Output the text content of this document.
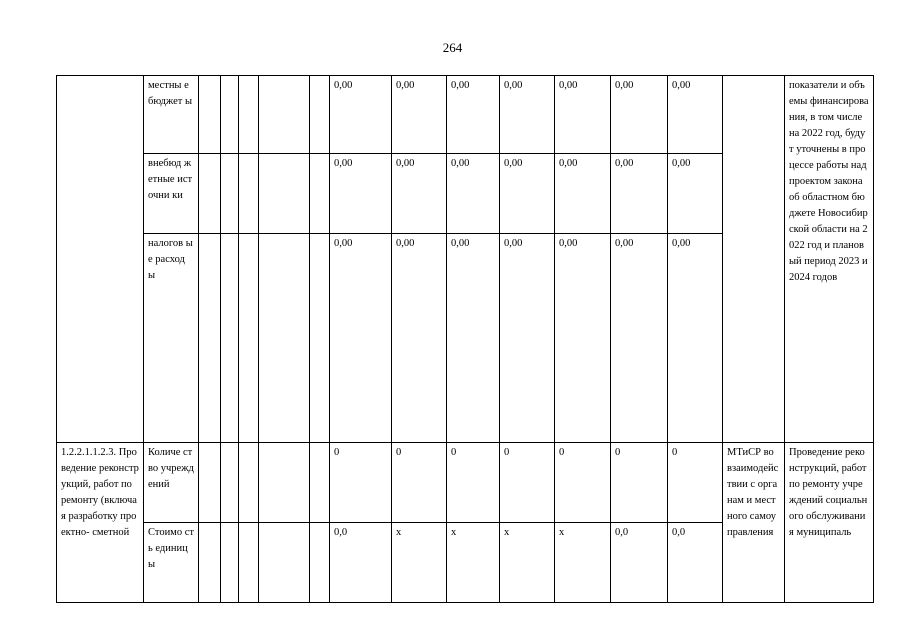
264
	местны е бюджет ы						0,00	0,00	0,00	0,00	0,00	0,00	0,00		показатели и объемы финансирования, в том числе на 2022 год, будут уточнены в процессе работы над проектом закона об областном бюджете Новосибирской области на 2022 год и плановый период 2023 и 2024 годов
	внебюд жетные источни ки						0,00	0,00	0,00	0,00	0,00	0,00	0,00		
	налогов ые расход ы						0,00	0,00	0,00	0,00	0,00	0,00	0,00		
1.2.2.1.1.2.3. Проведение реконструкций, работ по ремонту (включая разработку проектно- сметной	Количе ство учрежд ений						0	0	0	0	0	0	0	МТиСР во взаимодействии с органам и местного самоуправления	Проведение реконструкций, работ по ремонту учреждений социального обслуживания муниципаль
	Стоимо сть единиц ы						0,0	х	х	х	х	0,0	0,0		
